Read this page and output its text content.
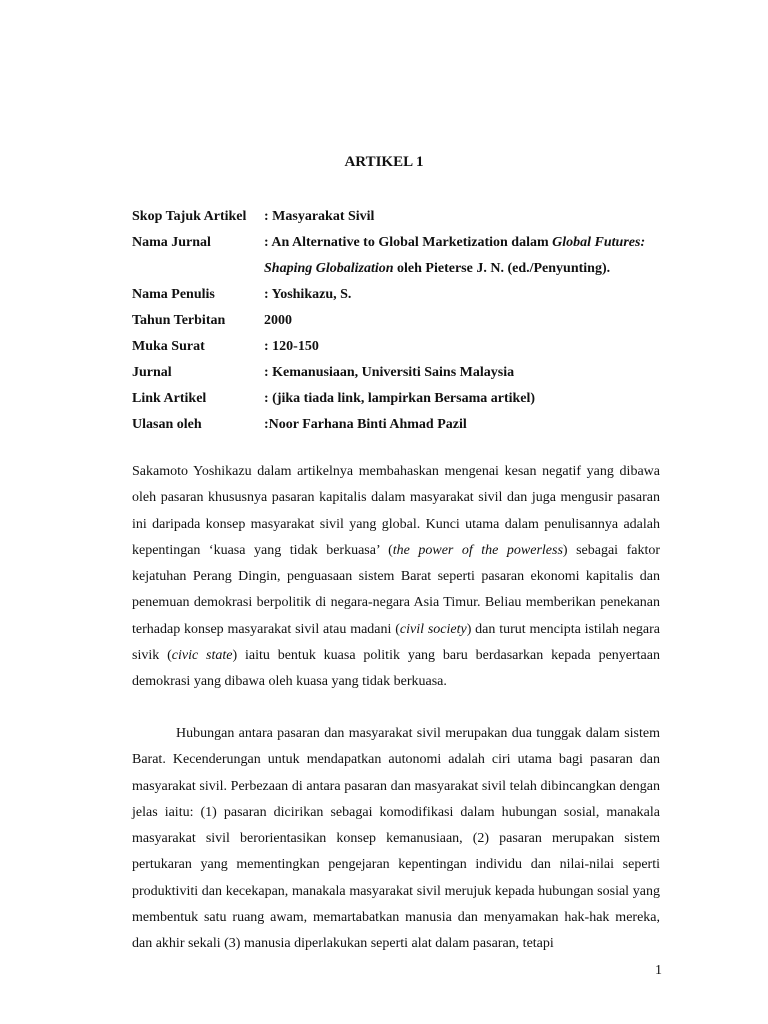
ARTIKEL 1
Skop Tajuk Artikel	: Masyarakat Sivil
Nama Jurnal	: An Alternative to Global Marketization dalam Global Futures: Shaping Globalization oleh Pieterse J. N. (ed./Penyunting).
Nama Penulis	: Yoshikazu, S.
Tahun Terbitan	2000
Muka Surat	: 120-150
Jurnal	: Kemanusiaan, Universiti Sains Malaysia
Link Artikel	: (jika tiada link, lampirkan Bersama artikel)
Ulasan oleh	:Noor Farhana Binti Ahmad Pazil

Sakamoto Yoshikazu dalam artikelnya membahaskan mengenai kesan negatif yang dibawa oleh pasaran khususnya pasaran kapitalis dalam masyarakat sivil dan juga mengusir pasaran ini daripada konsep masyarakat sivil yang global. Kunci utama dalam penulisannya adalah kepentingan ‘kuasa yang tidak berkuasa’ (the power of the powerless) sebagai faktor kejatuhan Perang Dingin, penguasaan sistem Barat seperti pasaran ekonomi kapitalis dan penemuan demokrasi berpolitik di negara-negara Asia Timur. Beliau memberikan penekanan terhadap konsep masyarakat sivil atau madani (civil society) dan turut mencipta istilah negara sivik (civic state) iaitu bentuk kuasa politik yang baru berdasarkan kepada penyertaan demokrasi yang dibawa oleh kuasa yang tidak berkuasa.

Hubungan antara pasaran dan masyarakat sivil merupakan dua tunggak dalam sistem Barat. Kecenderungan untuk mendapatkan autonomi adalah ciri utama bagi pasaran dan masyarakat sivil. Perbezaan di antara pasaran dan masyarakat sivil telah dibincangkan dengan jelas iaitu: (1) pasaran dicirikan sebagai komodifikasi dalam hubungan sosial, manakala masyarakat sivil berorientasikan konsep kemanusiaan, (2) pasaran merupakan sistem pertukaran yang mementingkan pengejaran kepentingan individu dan nilai-nilai seperti produktiviti dan kecekapan, manakala masyarakat sivil merujuk kepada hubungan sosial yang membentuk satu ruang awam, memartabatkan manusia dan menyamakan hak-hak mereka, dan akhir sekali (3) manusia diperlakukan seperti alat dalam pasaran, tetapi

1
